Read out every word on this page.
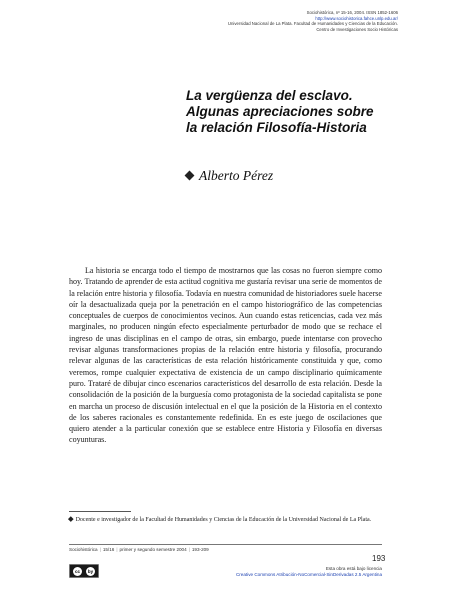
Sociohistórica, nº 15-16, 2004. ISSN 1852-1606
http://www.sociohistorica.fahce.unlp.edu.ar/
Universidad Nacional de La Plata. Facultad de Humanidades y Ciencias de la Educación.
Centro de Investigaciones Socio Históricas
La vergüenza del esclavo.
Algunas apreciaciones sobre
la relación Filosofía-Historia
Alberto Pérez

La historia se encarga todo el tiempo de mostrarnos que las cosas no fueron siempre como hoy. Tratando de aprender de esta actitud cognitiva me gustaría revisar una serie de momentos de la relación entre historia y filosofía. Todavía en nuestra comunidad de historiadores suele hacerse oír la desactualizada queja por la penetración en el campo historiográfico de las competencias conceptuales de cuerpos de conocimientos vecinos. Aun cuando estas reticencias, cada vez más marginales, no producen ningún efecto especialmente perturbador de modo que se rechace el ingreso de unas disciplinas en el campo de otras, sin embargo, puede intentarse con provecho revisar algunas transformaciones propias de la relación entre historia y filosofía, procurando relevar algunas de las características de esta relación históricamente constituida y que, como veremos, rompe cualquier expectativa de existencia de un campo disciplinario químicamente puro. Trataré de dibujar cinco escenarios característicos del desarrollo de esta relación. Desde la consolidación de la posición de la burguesía como protagonista de la sociedad capitalista se pone en marcha un proceso de discusión intelectual en el que la posición de la Historia en el contexto de los saberes racionales es constantemente redefinida. En es este juego de oscilaciones que quiero atender a la particular conexión que se establece entre Historia y Filosofía en diversas coyunturas.

Docente e investigador de la Facultad de Humanidades y Ciencias de la Educación de la Universidad Nacional de La Plata.

Sociohistórica | 15/16 | primer y segundo semestre 2004 | 193-209
193
cc	by	Esta obra está bajo licencia
Creative Commons Atribución-NoComercial-SinDerivadas 2.5 Argentina
